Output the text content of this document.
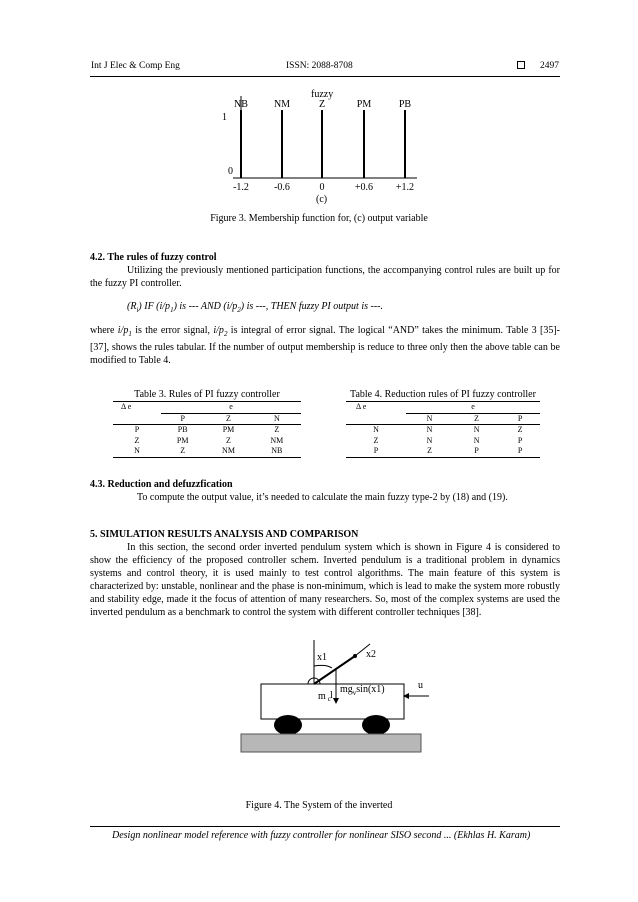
Int J Elec & Comp Eng	ISSN: 2088-8708	2497
fuzzy
NB	NM	Z	PM	PB
1
0
-1.2	-0.6	0	+0.6 +1.2
(c)
Figure 3. Membership function for, (c) output variable
4.2. The rules of fuzzy control
Utilizing the previously mentioned participation functions, the accompanying control rules are built up for the fuzzy PI controller.
$(R_i)$ IF $(i/p_1)$ is --- AND $(i/p_2)$ is ---, THEN fuzzy PI output is ---.
where $i/p_1$ is the error signal, $i/p_2$ is integral of error signal. The logical “AND” takes the minimum. Table 3 [35]-[37], shows the rules tabular. If the number of output membership is reduce to three only then the above table can be modified to Table 4.
Table 3. Rules of PI fuzzy controller
Δ e	e		
	P	Z	N
P	PB	PM	Z
Z	PM	Z	NM
N	Z	NM	NB
Table 4. Reduction rules of PI fuzzy controller
Δ e	e		
	N	Z	P
N	N	N	Z
Z	N	N	P
P	Z	P	P
4.3. Reduction and defuzzfication
To compute the output value, it’s needed to calculate the main fuzzy type-2 by (18) and (19).
5. SIMULATION RESULTS ANALYSIS AND COMPARISON
In this section, the second order inverted pendulum system which is shown in Figure 4 is considered to show the efficiency of the proposed controller schem. Inverted pendulum is a traditional problem in dynamics systems and control theory, it is used mainly to test control algorithms. The main feature of this system is characterized by: unstable, nonlinear and the phase is non-minimum, which is lead to make the system more robustly and stability edge, made it the focus of attention of many researchers. So, most of the complex systems are used the inverted pendulum as a benchmark to control the system with different controller techniques [38].
x1	x2
$mg_v\sin(x1)$
l
m $_c$
u
Figure 4. The System of the inverted
Design nonlinear model reference with fuzzy controller for nonlinear SISO second ... (Ekhlas H. Karam)
